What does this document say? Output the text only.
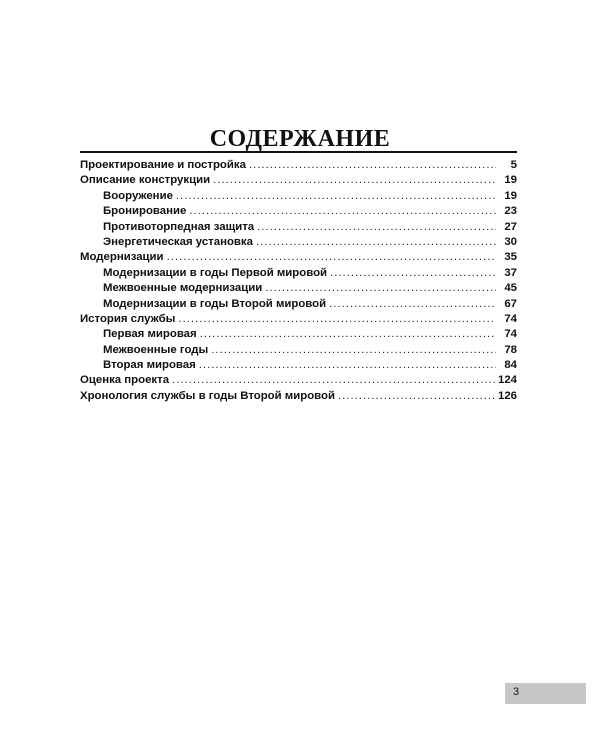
СОДЕРЖАНИЕ
Проектирование и постройка .....	5
Описание конструкции .....	19
Вооружение .....	19
Бронирование .....	23
Противоторпедная защита .....	27
Энергетическая установка .....	30
Модернизации .....	35
Модернизации в годы Первой мировой .....	37
Межвоенные модернизации .....	45
Модернизации в годы Второй мировой .....	67
История службы .....	74
Первая мировая .....	74
Межвоенные годы .....	78
Вторая мировая .....	84
Оценка проекта .....	124
Хронология службы в годы Второй мировой .....	126
3
